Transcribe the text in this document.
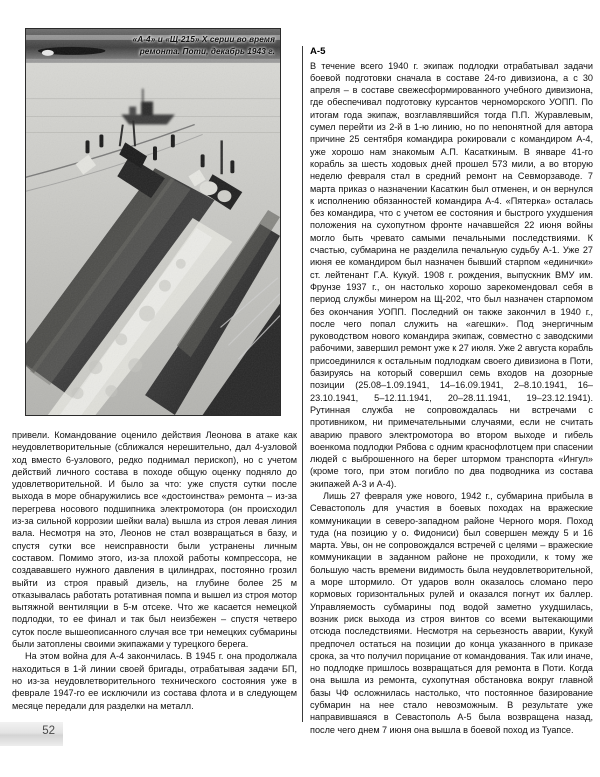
«А-4» и «Щ-215» X серии во время ремонта. Поти, декабрь 1943 г.

привели. Командование оценило действия Леонова в атаке как неудовлетворительные (сближался нерешительно, дал 4-узловой ход вместо 6-узлового, редко поднимал перископ), но с учетом действий личного состава в походе общую оценку подняло до удовлетворительной. И было за что: уже спустя сутки после выхода в море обнаружились все «достоинства» ремонта – из-за перегрева носового подшипника электромотора (он происходил из-за сильной коррозии шейки вала) вышла из строя левая линия вала. Несмотря на это, Леонов не стал возвращаться в базу, и спустя сутки все неисправности были устранены личным составом. Помимо этого, из-за плохой работы компрессора, не создававшего нужного давления в цилиндрах, постоянно грозил выйти из строя правый дизель, на глубине более 25 м отказывалась работать ротативная помпа и вышел из строя мотор вытяжной вентиляции в 5-м отсеке. Что же касается немецкой подлодки, то ее финал и так был неизбежен – спустя четверо суток после вышеописанного случая все три немецких субмарины были затоплены своими экипажами у турецкого берега.

На этом война для А-4 закончилась. В 1945 г. она продолжала находиться в 1-й линии своей бригады, отрабатывая задачи БП, но из-за неудовлетворительного технического состояния уже в феврале 1947-го ее исключили из состава флота и в следующем месяце передали для разделки на металл.

А-5

В течение всего 1940 г. экипаж подлодки отрабатывал задачи боевой подготовки сначала в составе 24-го дивизиона, а с 30 апреля – в составе свежесформированного учебного дивизиона, где обеспечивал подготовку курсантов черноморского УОПП. По итогам года экипаж, возглавлявшийся тогда П.П. Журавлевым, сумел перейти из 2-й в 1-ю линию, но по непонятной для автора причине 25 сентября командира рокировали с командиром А-4, уже хорошо нам знакомым А.П. Касаткиным. В январе 41-го корабль за шесть ходовых дней прошел 573 мили, а во вторую неделю февраля стал в средний ремонт на Севморзаводе. 7 марта приказ о назначении Касаткин был отменен, и он вернулся к исполнению обязанностей командира А-4. «Пятерка» осталась без командира, что с учетом ее состояния и быстрого ухудшения положения на сухопутном фронте начавшейся 22 июня войны могло быть чревато самыми печальными последствиями. К счастью, субмарина не разделила печальную судьбу А-1. Уже 27 июня ее командиром был назначен бывший старпом «единички» ст. лейтенант Г.А. Кукуй. 1908 г. рождения, выпускник ВМУ им. Фрунзе 1937 г., он настолько хорошо зарекомендовал себя в период службы минером на Щ-202, что был назначен старпомом без окончания УОПП. Последний он также закончил в 1940 г., после чего попал служить на «агешки». Под энергичным руководством нового командира экипаж, совместно с заводскими рабочими, завершил ремонт уже к 27 июля. Уже 2 августа корабль присоединился к остальным подлодкам своего дивизиона в Поти, базируясь на который совершил семь входов на дозорные позиции (25.08–1.09.1941, 14–16.09.1941, 2–8.10.1941, 16–23.10.1941, 5–12.11.1941, 20–28.11.1941, 19–23.12.1941). Рутинная служба не сопровождалась ни встречами с противником, ни примечательными случаями, если не считать аварию правого электромотора во втором выходе и гибель военкома подлодки Рябова с одним краснофлотцем при спасении людей с выброшенного на берег штормом транспорта «Ингул» (кроме того, при этом погибло по два подводника из состава экипажей А-3 и А-4).

Лишь 27 февраля уже нового, 1942 г., субмарина прибыла в Севастополь для участия в боевых походах на вражеские коммуникации в северо-западном районе Черного моря. Поход туда (на позицию у о. Фидониси) был совершен между 5 и 16 марта. Увы, он не сопровождался встречей с целями – вражеские коммуникации в заданном районе не проходили, к тому же большую часть времени видимость была неудовлетворительной, а море штормило. От ударов волн оказалось сломано перо кормовых горизонтальных рулей и оказался погнут их баллер. Управляемость субмарины под водой заметно ухудшилась, возник риск выхода из строя винтов со всеми вытекающими отсюда последствиями. Несмотря на серьезность аварии, Кукуй предпочел остаться на позиции до конца указанного в приказе срока, за что получил порицание от командования. Так или иначе, но подлодке пришлось возвращаться для ремонта в Поти. Когда она вышла из ремонта, сухопутная обстановка вокруг главной базы ЧФ осложнилась настолько, что постоянное базирование субмарин на нее стало невозможным. В результате уже направившаяся в Севастополь А-5 была возвращена назад, после чего днем 7 июня она вышла в боевой поход из Туапсе.

52
